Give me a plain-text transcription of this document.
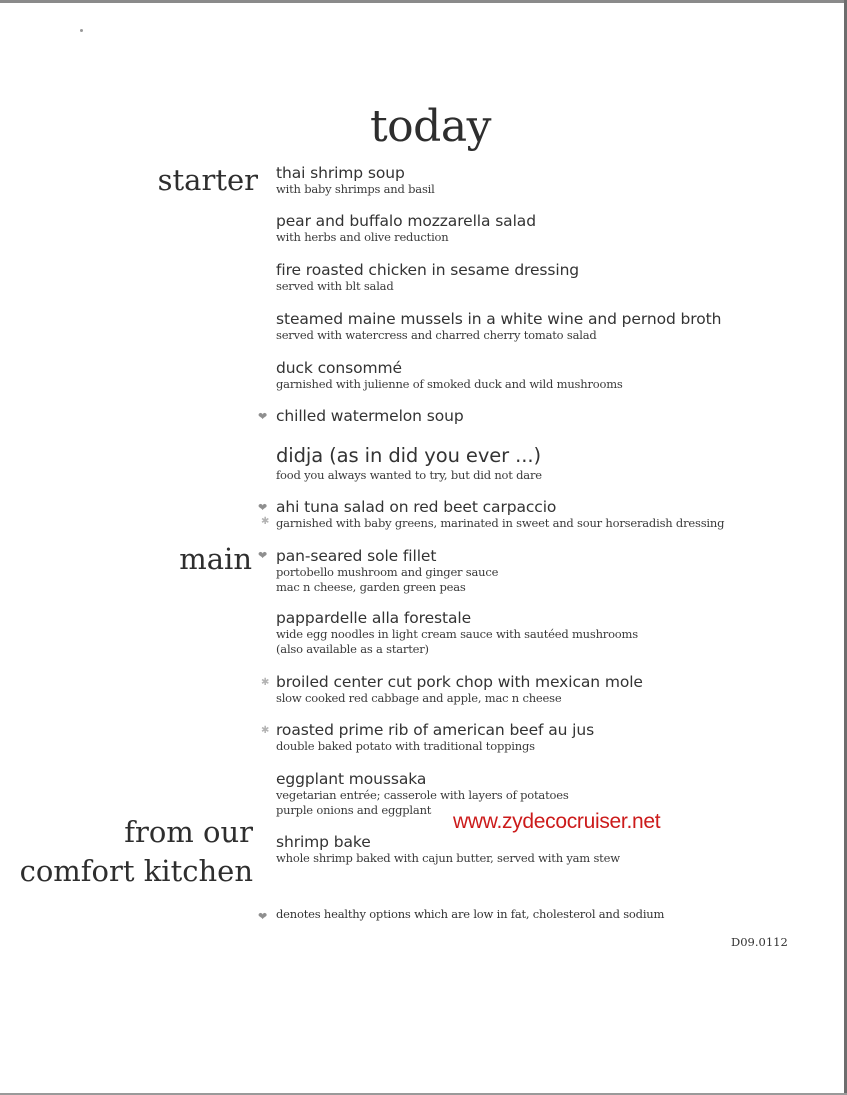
today
starter
main
from our
comfort kitchen
thai shrimp soup
with baby shrimps and basil
pear and buffalo mozzarella salad
with herbs and olive reduction
fire roasted chicken in sesame dressing
served with blt salad
steamed maine mussels in a white wine and pernod broth
served with watercress and charred cherry tomato salad
duck consommé
garnished with julienne of smoked duck and wild mushrooms
❤ chilled watermelon soup
didja (as in did you ever ...)
food you always wanted to try, but did not dare
❤
✱
ahi tuna salad on red beet carpaccio
garnished with baby greens, marinated in sweet and sour horseradish dressing
❤ pan-seared sole fillet
portobello mushroom and ginger sauce
mac n cheese, garden green peas
pappardelle alla forestale
wide egg noodles in light cream sauce with sautéed mushrooms
(also available as a starter)
✱ broiled center cut pork chop with mexican mole
slow cooked red cabbage and apple, mac n cheese
✱ roasted prime rib of american beef au jus
double baked potato with traditional toppings
eggplant moussaka
vegetarian entrée; casserole with layers of potatoes
purple onions and eggplant
shrimp bake
whole shrimp baked with cajun butter, served with yam stew
www.zydecocruiser.net
❤ denotes healthy options which are low in fat, cholesterol and sodium
D09.0112
